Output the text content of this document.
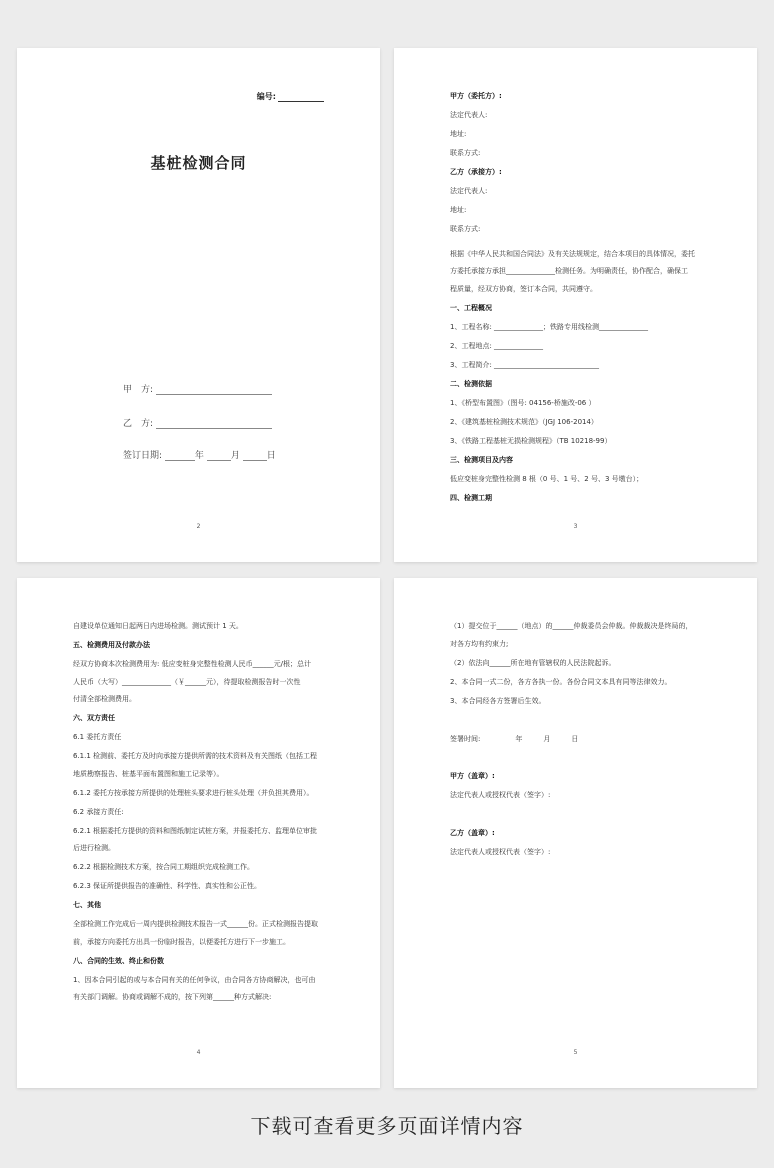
编号:
基桩检测合同
甲　方:
乙　方:
签订日期:	年	月	日
2
甲方（委托方）:
法定代表人:
地址:
联系方式:
乙方（承接方）:
法定代表人:
地址:
联系方式:
根据《中华人民共和国合同法》及有关法规规定，结合本项目的具体情况，委托
方委托承接方承担______________检测任务。为明确责任，协作配合，确保工
程质量，经双方协商，签订本合同，共同遵守。
一、工程概况
1、工程名称: ______________；铁路专用线检测______________
2、工程地点: ______________
3、工程简介: ______________________________
二、检测依据
1、《桥型布置图》（图号: 04156-桥施改-06 ）
2、《建筑基桩检测技术规范》（JGJ 106-2014）
3、《铁路工程基桩无损检测规程》（TB 10218-99）
三、检测项目及内容
低应变桩身完整性检测 8 根（0 号、1 号、2 号、3 号墩台）；
四、检测工期
3
自建设单位通知日起两日内进场检测。测试预计 1 天。
五、检测费用及付款办法
经双方协商本次检测费用为: 低应变桩身完整性检测人民币______元/根；总计
人民币（大写）______________（￥______元），待提取检测报告时一次性
付清全部检测费用。
六、双方责任
6.1 委托方责任
6.1.1 检测前、委托方及时向承接方提供所需的技术资料及有关图纸（包括工程
地质勘察报告、桩基平面布置图和施工记录等）。
6.1.2 委托方按承接方所提供的处理桩头要求进行桩头处理（并负担其费用）。
6.2 承接方责任:
6.2.1 根据委托方提供的资料和图纸制定试桩方案，并报委托方、监理单位审批
后进行检测。
6.2.2 根据检测技术方案，按合同工期组织完成检测工作。
6.2.3 保证所提供报告的准确性、科学性、真实性和公正性。
七、其他
全部检测工作完成后一周内提供检测技术报告一式______份。正式检测报告提取
前，承接方向委托方出具一份临时报告，以便委托方进行下一步施工。
八、合同的生效、终止和份数
1、因本合同引起的或与本合同有关的任何争议，由合同各方协商解决，也可由
有关部门调解。协商或调解不成的，按下列第______种方式解决:
4
（1）提交位于______（地点）的______仲裁委员会仲裁。仲裁裁决是终局的，
对各方均有约束力;
（2）依法向______所在地有管辖权的人民法院起诉。
2、本合同一式二份，各方各执一份。各份合同文本具有同等法律效力。
3、本合同经各方签署后生效。
签署时间:　　　　　年　　　月　　　日
甲方（盖章）:
法定代表人或授权代表（签字）:
乙方（盖章）:
法定代表人或授权代表（签字）:
5
下载可查看更多页面详情内容
